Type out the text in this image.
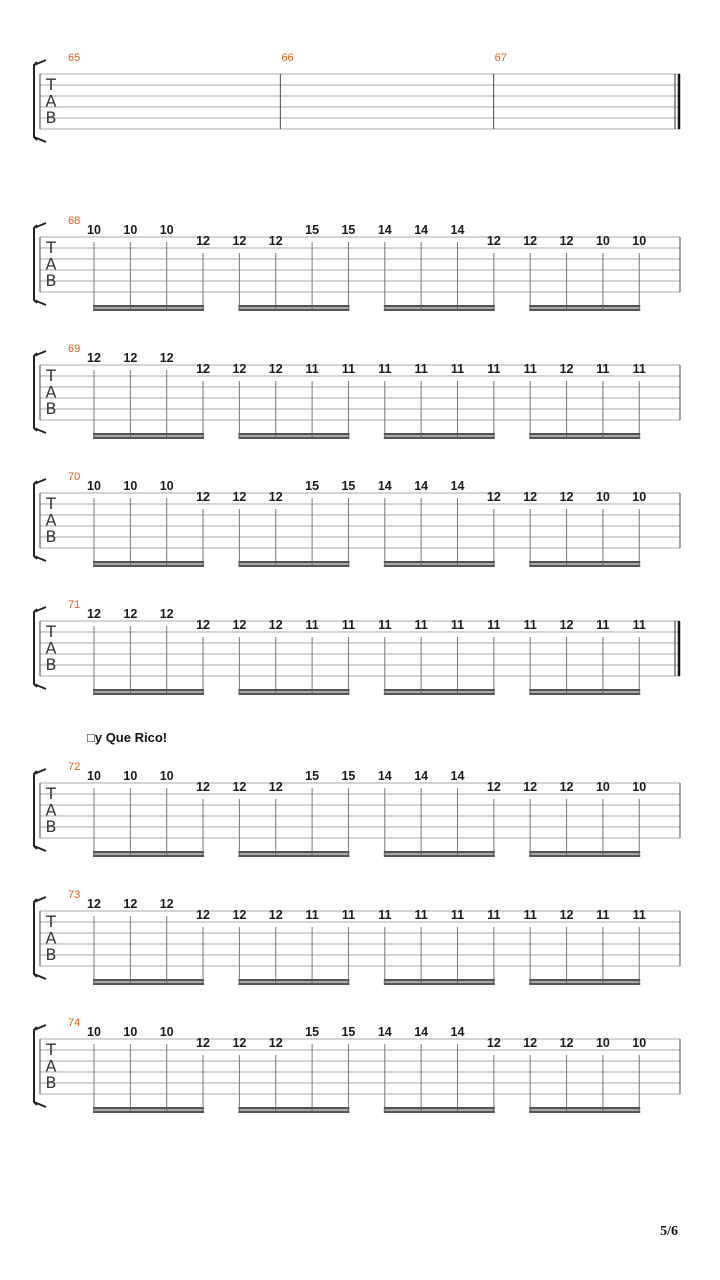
□y Que Rico!
5/6
T
A
B
65	66	67
T
A
B
68
10 10 10
12 12 12
15 15 14 14 14
12 12 12 10 10
T
A
B
69
12 12 12
12 12 12 11 11 11 11 11 11 11 12 11 11
T
A
B
70
10 10 10
12 12 12
15 15 14 14 14
12 12 12 10 10
T
A
B
71
12 12 12
12 12 12 11 11 11 11 11 11 11 12 11 11
T
A
B
72
10 10 10
12 12 12
15 15 14 14 14
12 12 12 10 10
T
A
B
73
12 12 12
12 12 12 11 11 11 11 11 11 11 12 11 11
T
A
B
74
10 10 10
12 12 12
15 15 14 14 14
12 12 12 10 10
